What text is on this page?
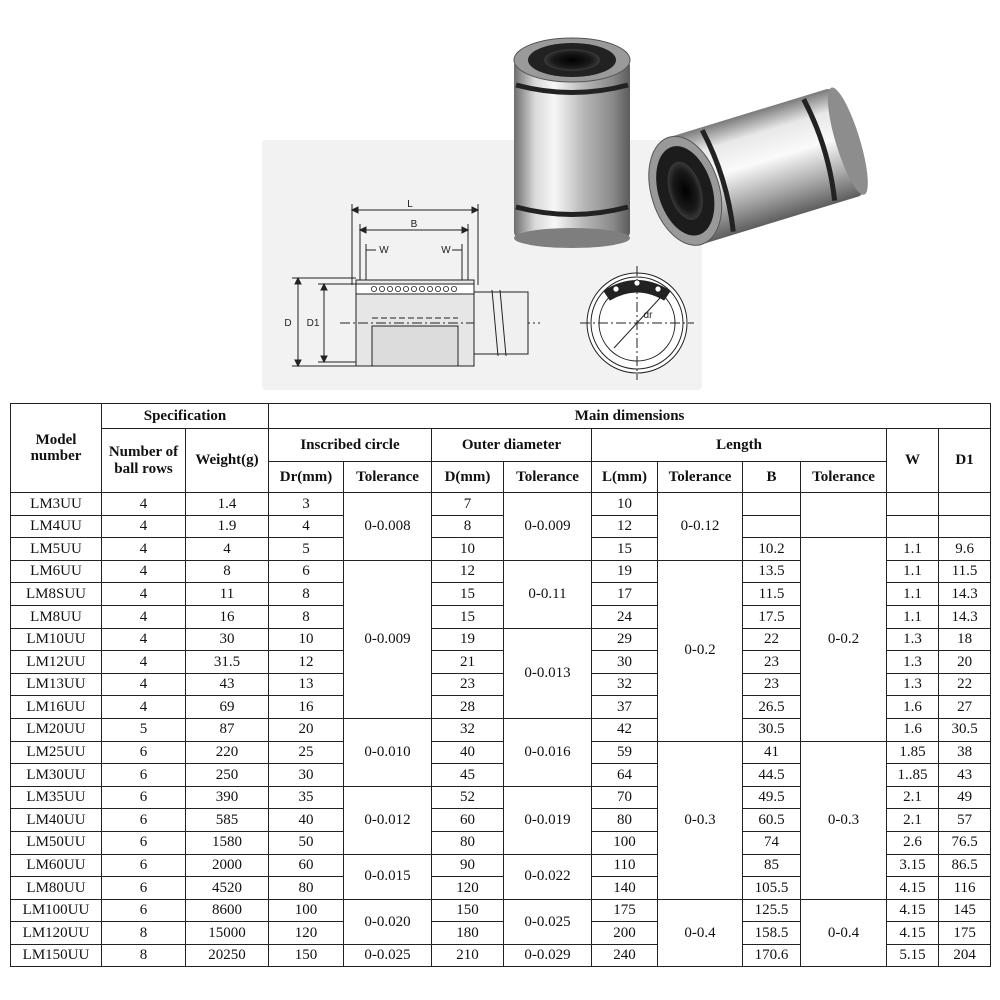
L
B
W	W
D D1
dr
Model number	Specification		Main dimensions									
	Number of ball rows	Weight(g)	Inscribed circle		Outer diameter		Length				W	D1
			Dr(mm)	Tolerance	D(mm)	Tolerance	L(mm)	Tolerance	B	Tolerance		
LM3UU	4	1.4	3	0-0.008	7	0-0.009	10	0-0.12				
LM4UU	4	1.9	4		8		12					
LM5UU	4	4	5		10		15		10.2	0-0.2	1.1	9.6
LM6UU	4	8	6	0-0.009	12	0-0.11	19	0-0.2	13.5		1.1	11.5
LM8SUU	4	11	8		15		17		11.5		1.1	14.3
LM8UU	4	16	8		15		24		17.5		1.1	14.3
LM10UU	4	30	10		19	0-0.013	29		22		1.3	18
LM12UU	4	31.5	12		21		30		23		1.3	20
LM13UU	4	43	13		23		32		23		1.3	22
LM16UU	4	69	16		28		37		26.5		1.6	27
LM20UU	5	87	20	0-0.010	32	0-0.016	42		30.5		1.6	30.5
LM25UU	6	220	25		40		59	0-0.3	41	0-0.3	1.85	38
LM30UU	6	250	30		45		64		44.5		1..85	43
LM35UU	6	390	35	0-0.012	52	0-0.019	70		49.5		2.1	49
LM40UU	6	585	40		60		80		60.5		2.1	57
LM50UU	6	1580	50		80		100		74		2.6	76.5
LM60UU	6	2000	60	0-0.015	90	0-0.022	110		85		3.15	86.5
LM80UU	6	4520	80		120		140		105.5		4.15	116
LM100UU	6	8600	100	0-0.020	150	0-0.025	175	0-0.4	125.5	0-0.4	4.15	145
LM120UU	8	15000	120		180		200		158.5		4.15	175
LM150UU	8	20250	150	0-0.025	210	0-0.029	240		170.6		5.15	204
